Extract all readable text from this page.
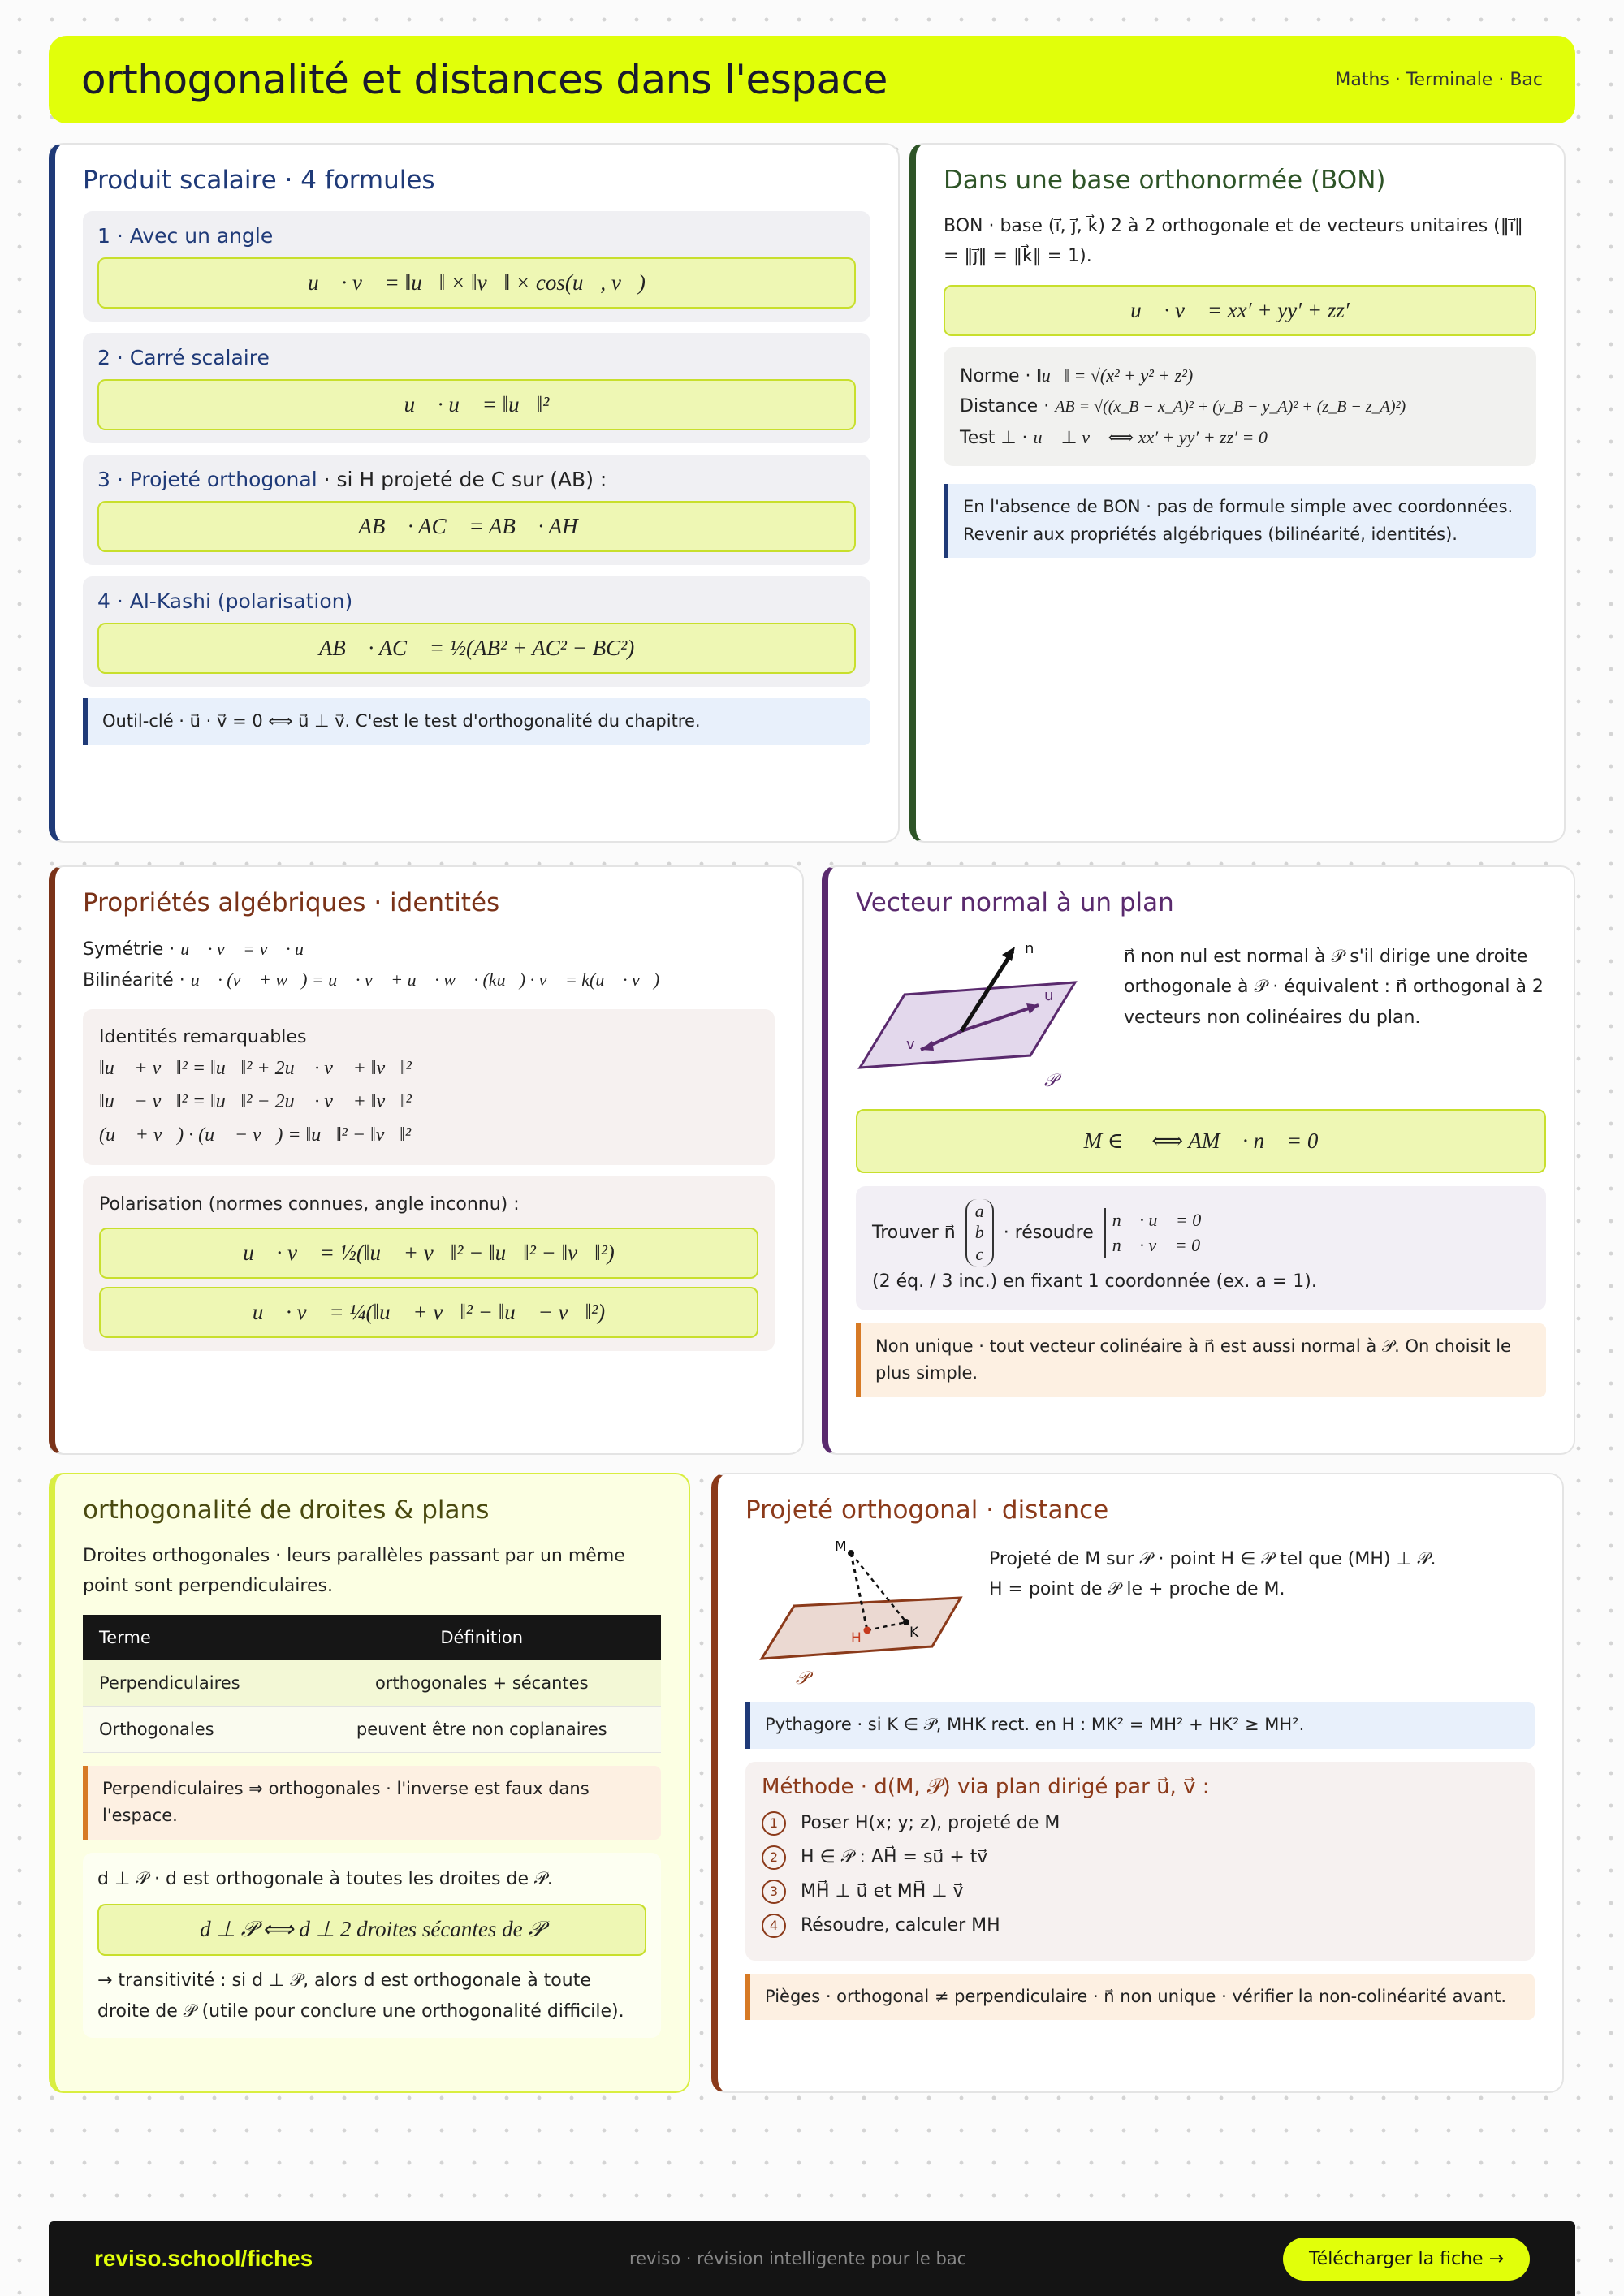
orthogonalité et distances dans l'espace	Maths · Terminale · Bac
Produit scalaire · 4 formules
1 · Avec un angle
u⃗ · v⃗ = ‖u⃗‖ × ‖v⃗‖ × cos(u⃗, v⃗)
2 · Carré scalaire
u⃗ · u⃗ = ‖u⃗‖²
3 · Projeté orthogonal · si H projeté de C sur (AB) :
AB⃗ · AC⃗ = AB⃗ · AH⃗
4 · Al-Kashi (polarisation)
AB⃗ · AC⃗ = ½(AB² + AC² − BC²)
Outil-clé · u⃗ · v⃗ = 0 ⟺ u⃗ ⊥ v⃗. C'est le test d'orthogonalité du chapitre.
Dans une base orthonormée (BON)
BON · base (i⃗, j⃗, k⃗) 2 à 2 orthogonale et de vecteurs unitaires (‖i⃗‖ = ‖j⃗‖ = ‖k⃗‖ = 1).
u⃗ · v⃗ = xx′ + yy′ + zz′
Norme · ‖u⃗‖ = √(x² + y² + z²)
Distance · AB = √((x_B − x_A)² + (y_B − y_A)² + (z_B − z_A)²)
Test ⊥ · u⃗ ⊥ v⃗ ⟺ xx′ + yy′ + zz′ = 0
En l'absence de BON · pas de formule simple avec coordonnées. Revenir aux propriétés algébriques (bilinéarité, identités).
Propriétés algébriques · identités
Symétrie · u⃗ · v⃗ = v⃗ · u⃗
Bilinéarité · u⃗ · (v⃗ + w⃗) = u⃗ · v⃗ + u⃗ · w⃗ · (ku⃗) · v⃗ = k(u⃗ · v⃗)
Identités remarquables
‖u⃗ + v⃗‖² = ‖u⃗‖² + 2u⃗ · v⃗ + ‖v⃗‖²
‖u⃗ − v⃗‖² = ‖u⃗‖² − 2u⃗ · v⃗ + ‖v⃗‖²
(u⃗ + v⃗) · (u⃗ − v⃗) = ‖u⃗‖² − ‖v⃗‖²
Polarisation (normes connues, angle inconnu) :
u⃗ · v⃗ = ½(‖u⃗ + v⃗‖² − ‖u⃗‖² − ‖v⃗‖²)
u⃗ · v⃗ = ¼(‖u⃗ + v⃗‖² − ‖u⃗ − v⃗‖²)
Vecteur normal à un plan
n
u
v
𝒫
n⃗ non nul est normal à 𝒫 s'il dirige une droite orthogonale à 𝒫 · équivalent : n⃗ orthogonal à 2 vecteurs non colinéaires du plan.
M ∈ 𝒫 ⟺ AM⃗ · n⃗ = 0
Trouver n⃗
a
b
c
· résoudre
n⃗ · u⃗ = 0
n⃗ · v⃗ = 0
(2 éq. / 3 inc.) en fixant 1 coordonnée (ex. a = 1).
Non unique · tout vecteur colinéaire à n⃗ est aussi normal à 𝒫. On choisit le plus simple.
orthogonalité de droites & plans
Droites orthogonales · leurs parallèles passant par un même point sont perpendiculaires.
Terme	Définition
Perpendiculaires	orthogonales + sécantes
Orthogonales	peuvent être non coplanaires
Perpendiculaires ⇒ orthogonales · l'inverse est faux dans l'espace.
d ⊥ 𝒫 · d est orthogonale à toutes les droites de 𝒫.
d ⊥ 𝒫 ⟺ d ⊥ 2 droites sécantes de 𝒫
→ transitivité : si d ⊥ 𝒫, alors d est orthogonale à toute droite de 𝒫 (utile pour conclure une orthogonalité difficile).
Projeté orthogonal · distance
M
H	K
𝒫
Projeté de M sur 𝒫 · point H ∈ 𝒫 tel que (MH) ⊥ 𝒫.
H = point de 𝒫 le + proche de M.
Pythagore · si K ∈ 𝒫, MHK rect. en H : MK² = MH² + HK² ≥ MH².
Méthode · d(M, 𝒫) via plan dirigé par u⃗, v⃗ :
1	Poser H(x; y; z), projeté de M
2	H ∈ 𝒫 : AH⃗ = su⃗ + tv⃗
3	MH⃗ ⊥ u⃗ et MH⃗ ⊥ v⃗
4	Résoudre, calculer MH
Pièges · orthogonal ≠ perpendiculaire · n⃗ non unique · vérifier la non-colinéarité avant.
reviso.school/fiches	reviso · révision intelligente pour le bac	Télécharger la fiche →
